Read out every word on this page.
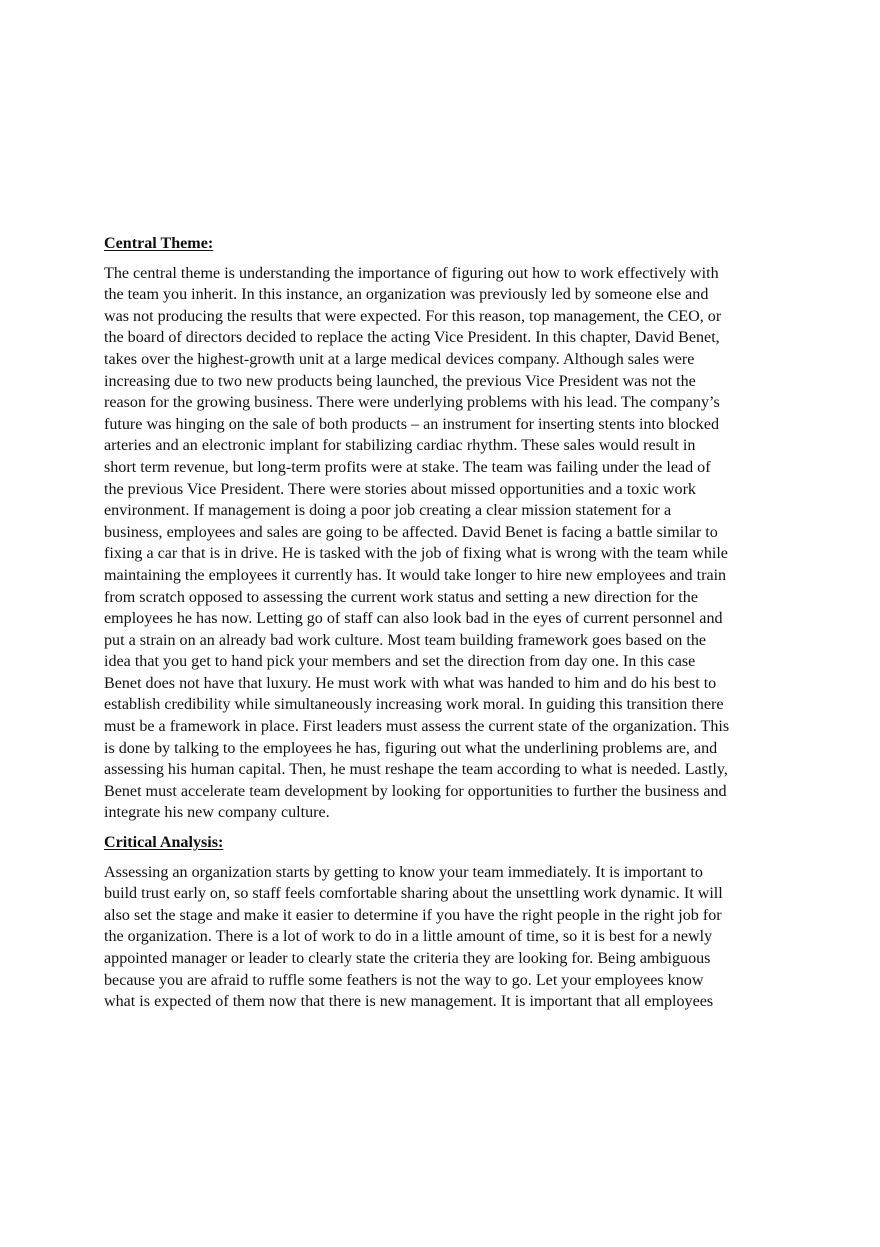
Central Theme:
The central theme is understanding the importance of figuring out how to work effectively with
the team you inherit. In this instance, an organization was previously led by someone else and
was not producing the results that were expected. For this reason, top management, the CEO, or
the board of directors decided to replace the acting Vice President. In this chapter, David Benet,
takes over the highest-growth unit at a large medical devices company. Although sales were
increasing due to two new products being launched, the previous Vice President was not the
reason for the growing business. There were underlying problems with his lead. The company’s
future was hinging on the sale of both products – an instrument for inserting stents into blocked
arteries and an electronic implant for stabilizing cardiac rhythm. These sales would result in
short term revenue, but long-term profits were at stake. The team was failing under the lead of
the previous Vice President. There were stories about missed opportunities and a toxic work
environment. If management is doing a poor job creating a clear mission statement for a
business, employees and sales are going to be affected. David Benet is facing a battle similar to
fixing a car that is in drive. He is tasked with the job of fixing what is wrong with the team while
maintaining the employees it currently has. It would take longer to hire new employees and train
from scratch opposed to assessing the current work status and setting a new direction for the
employees he has now. Letting go of staff can also look bad in the eyes of current personnel and
put a strain on an already bad work culture. Most team building framework goes based on the
idea that you get to hand pick your members and set the direction from day one. In this case
Benet does not have that luxury. He must work with what was handed to him and do his best to
establish credibility while simultaneously increasing work moral. In guiding this transition there
must be a framework in place. First leaders must assess the current state of the organization. This
is done by talking to the employees he has, figuring out what the underlining problems are, and
assessing his human capital. Then, he must reshape the team according to what is needed. Lastly,
Benet must accelerate team development by looking for opportunities to further the business and
integrate his new company culture.
Critical Analysis:
Assessing an organization starts by getting to know your team immediately. It is important to
build trust early on, so staff feels comfortable sharing about the unsettling work dynamic. It will
also set the stage and make it easier to determine if you have the right people in the right job for
the organization. There is a lot of work to do in a little amount of time, so it is best for a newly
appointed manager or leader to clearly state the criteria they are looking for. Being ambiguous
because you are afraid to ruffle some feathers is not the way to go. Let your employees know
what is expected of them now that there is new management. It is important that all employees
